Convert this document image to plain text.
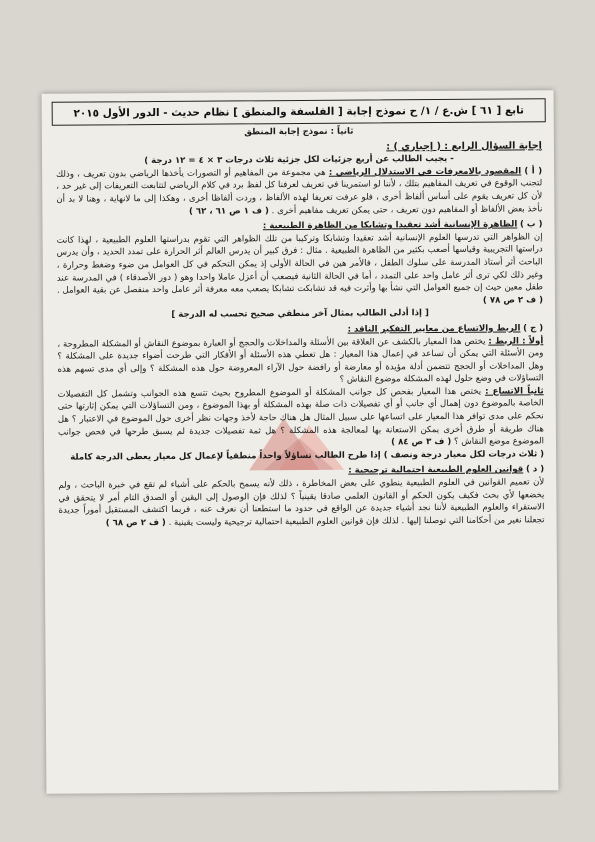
تابع [ ٦١ ] ش.ع / ١/ ح نموذج إجابة [ الفلسفة والمنطق ] نظام حديث - الدور الأول ٢٠١٥

ثانياً : نموذج إجابة المنطق

إجابة السؤال الرابع : ( إجباري ) :

- يجيب الطالب عن أربع جزئيات لكل جزئية ثلاث درجات ٣ × ٤ = ١٢ درجة )

( أ ) المقصود بالامعرفات في الاستدلال الرياضي : هي مجموعة من المفاهيم أو التصورات يأخذها الرياضي بدون تعريف ، وذلك لتجنب الوقوع في تعريف المفاهيم بتلك ، لأننا لو استمرينا في تعريف لعرفنا كل لفظ برد في كلام الرياضي لتتابعت التعريفات إلى غير حد ، لأن كل تعريف يقوم على أساس ألفاظ أخرى ، فلو عرفت تعريفا لهذه الألفاظ ، وردت ألفاظا أخرى ، وهكذا إلى ما لانهاية ، وهنا لا بد أن نأخذ بعض الألفاظ أو المفاهيم دون تعريف ، حتى يمكن تعريف مفاهيم أخرى . ( ف ١ ص ٦١ ، ٦٢ )

( ب ) الظاهرة الإنسانية أشد تعقيدا وتشابكا من الظاهرة الطبيعية :

إن الظواهر التي تدرسها العلوم الإنسانية أشد تعقيدا وتشابكا وتركيبا من تلك الظواهر التي تقوم بدراستها العلوم الطبيعية ، لهذا كانت دراستها التجريبية وقياسها أصعب بكثير من الظاهرة الطبيعية . مثال : فرق كبير أن يدرس العالم أثر الحرارة على تمدد الحديد ، وأن يدرس الباحث أثر أستاذ المدرسة على سلوك الطفل ، فالأمر هين في الحالة الأولى إذ يمكن التحكم في كل العوامل من ضوء وضغط وحرارة ، وغير ذلك لكي ترى أثر عامل واحد على التمدد ، أما في الحالة الثانية فيصعب أن أعزل عاملا واحدا وهو ( دور الأصدقاء ) في المدرسة عند طفل معين حيث إن جميع العوامل التي نشأ بها وأثرت فيه قد تشابكت تشابكا يصعب معه معرفة أثر عامل واحد منفصل عن بقية العوامل . ( ف ٢ ص ٧٨ )

[ إذا أدلى الطالب بمثال آخر منطقي صحيح تحسب له الدرجة ]

( ج ) الربط والاتساع من معايير التفكير الناقد :

أولاً : الربط : يختص هذا المعيار بالكشف عن العلاقة بين الأسئلة والمداخلات والحجج أو العبارة بموضوع النقاش أو المشكلة المطروحة ، ومن الأسئلة التي يمكن أن تساعد في إعمال هذا المعيار : هل تعطي هذه الأسئلة أو الأفكار التي طرحت أضواء جديدة على المشكلة ؟ وهل المداخلات أو الحجج تتضمن أدلة مؤيدة أو معارضة أو رافضة حول الآراء المعروضة حول هذه المشكلة ؟ وإلى أي مدى تسهم هذه التساؤلات في وضع حلول لهذه المشكلة موضوع النقاش ؟

ثانياً الاتساع : يختص هذا المعيار بفحص كل جوانب المشكلة أو الموضوع المطروح بحيث تتسع هذه الجوانب وتشمل كل التفصيلات الخاصة بالموضوع دون إهمال أي جانب أو أي تفصيلات ذات صلة بهذه المشكلة أو بهذا الموضوع ، ومن التساؤلات التي يمكن إثارتها حتى نحكم على مدى توافر هذا المعيار على اتساعها على سبيل المثال هل هناك حاجة لأخذ وجهات نظر أخرى حول الموضوع في الاعتبار ؟ هل هناك طريقة أو طرق أخرى يمكن الاستعانة بها لمعالجة هذه المشكلة ؟ هل ثمة تفصيلات جديدة لم يسبق طرحها في فحص جوانب الموضوع موضع النقاش ؟ ( ف ٣ ص ٨٤ )

( ثلاث درجات لكل معيار درجة ونصف ) إذا طرح الطالب تساؤلاً واحداً منطقياً لإعمال كل معيار يعطى الدرجة كاملة

( د ) قوانين العلوم الطبيعية احتمالية ترجيحية :

لأن تعميم القوانين في العلوم الطبيعية ينطوي على بعض المخاطرة ، ذلك لأنه يسمح بالحكم على أشياء لم تقع في خبرة الباحث ، ولم يخضعها لأي بحث فكيف يكون الحكم أو القانون العلمي صادقا يقينياً ؟ لذلك فإن الوصول إلى اليقين أو الصدق التام أمر لا يتحقق في الاستقراء والعلوم الطبيعية لأننا نجد أشياء جديدة عن الواقع في حدود ما استطعنا أن نعرف عنه ، فربما اكتشف المستقبل أموراً جديدة تجعلنا نغير من أحكامنا التي توصلنا إليها . لذلك فإن قوانين العلوم الطبيعية احتمالية ترجيحية وليست يقينية . ( ف ٢ ص ٦٨ )
